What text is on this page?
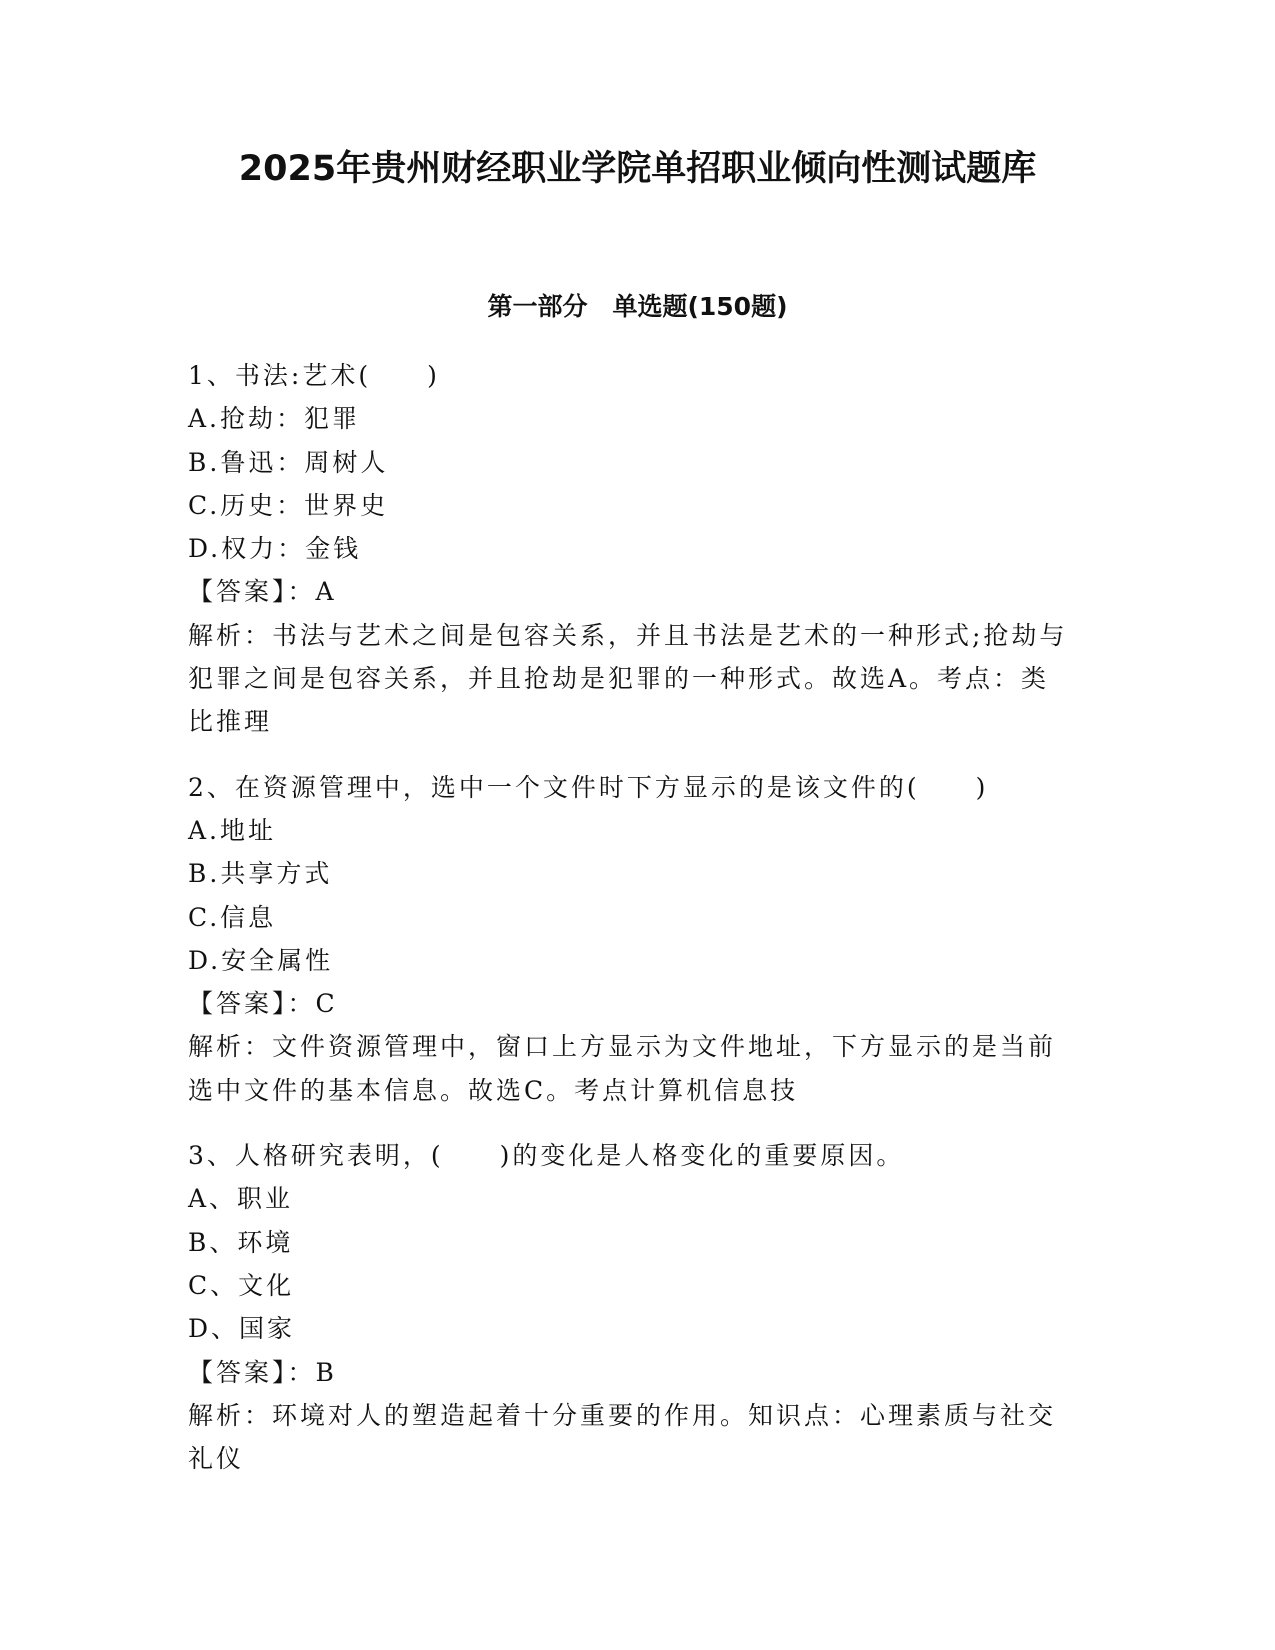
2025年贵州财经职业学院单招职业倾向性测试题库
第一部分　单选题(150题)
1、书法:艺术(　　)
A.抢劫：犯罪
B.鲁迅：周树人
C.历史：世界史
D.权力：金钱
【答案】：A
解析：书法与艺术之间是包容关系，并且书法是艺术的一种形式;抢劫与犯罪之间是包容关系，并且抢劫是犯罪的一种形式。故选A。考点：类比推理
2、在资源管理中，选中一个文件时下方显示的是该文件的(　　)
A.地址
B.共享方式
C.信息
D.安全属性
【答案】：C
解析：文件资源管理中，窗口上方显示为文件地址，下方显示的是当前选中文件的基本信息。故选C。考点计算机信息技
3、人格研究表明，(　　)的变化是人格变化的重要原因。
A、职业
B、环境
C、文化
D、国家
【答案】：B
解析：环境对人的塑造起着十分重要的作用。知识点：心理素质与社交礼仪
